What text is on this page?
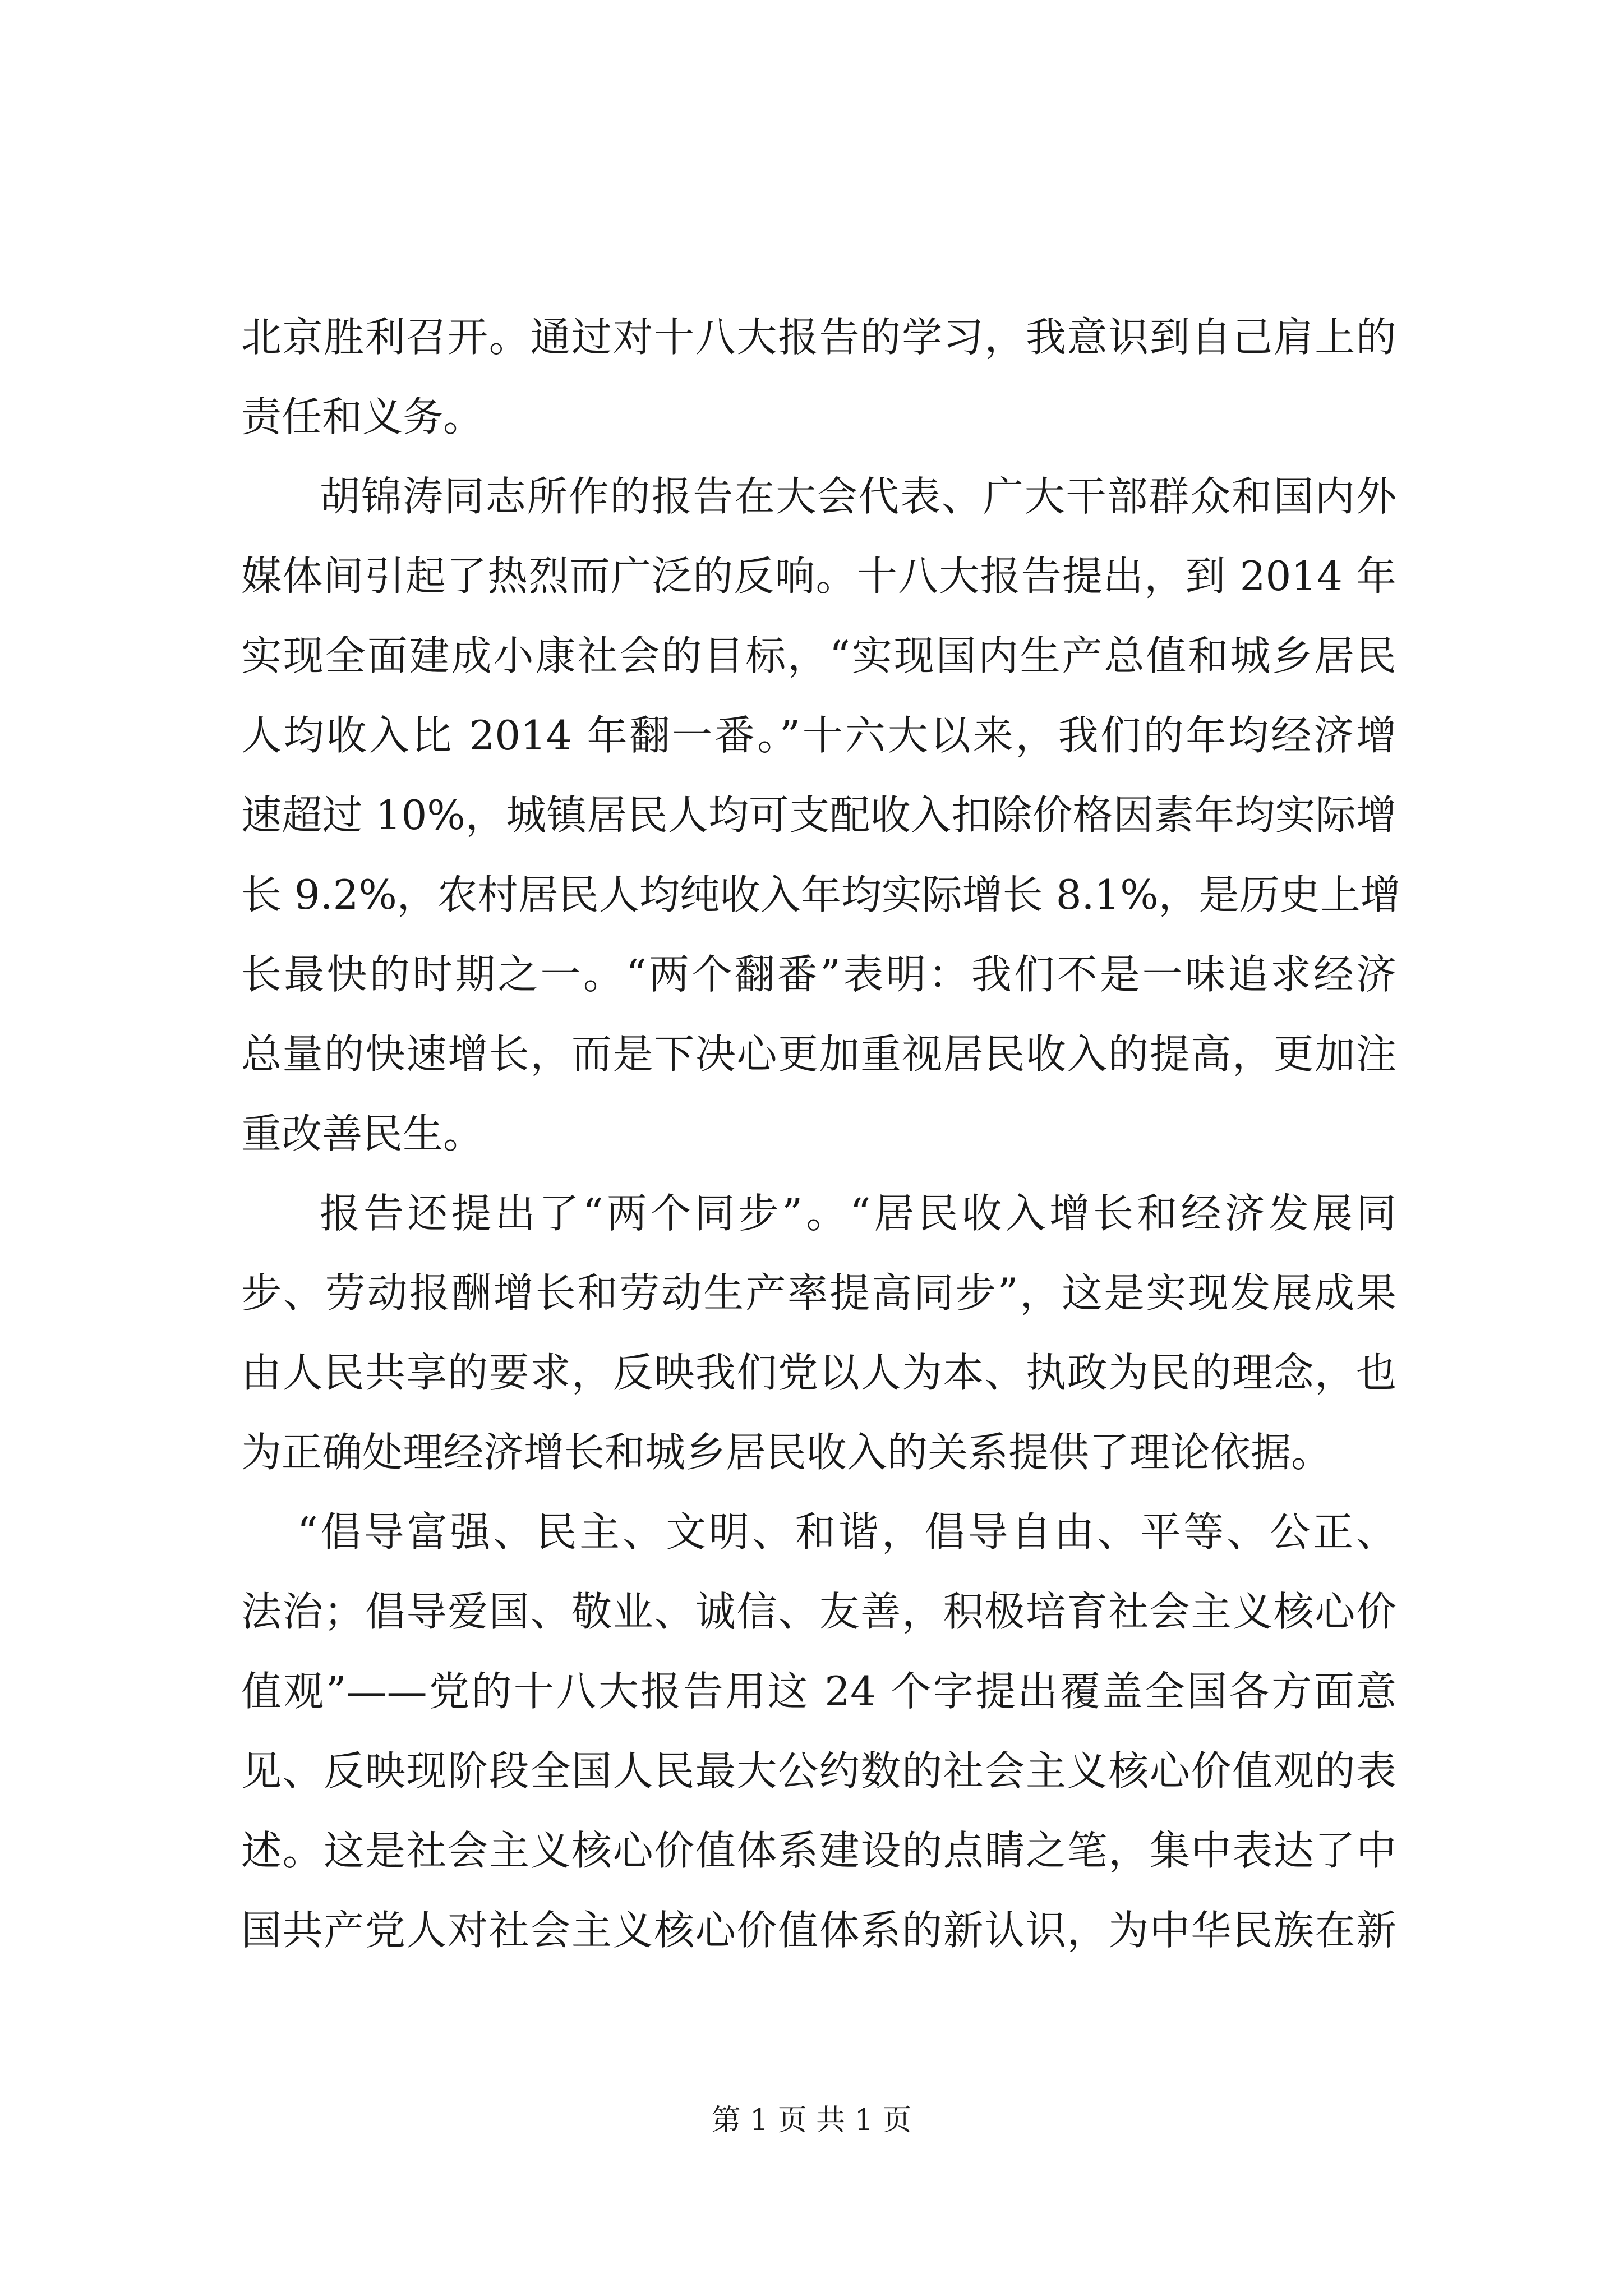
北京胜利召开。通过对十八大报告的学习，我意识到自己肩上的
责任和义务。
胡锦涛同志所作的报告在大会代表、广大干部群众和国内外
媒体间引起了热烈而广泛的反响。十八大报告提出，到 2014 年
实现全面建成小康社会的目标，“实现国内生产总值和城乡居民
人均收入比 2014 年翻一番。”十六大以来，我们的年均经济增
速超过 10%，城镇居民人均可支配收入扣除价格因素年均实际增
长 9.2%，农村居民人均纯收入年均实际增长 8.1%，是历史上增
长最快的时期之一。“两个翻番”表明：我们不是一味追求经济
总量的快速增长，而是下决心更加重视居民收入的提高，更加注
重改善民生。
报告还提出了“两个同步”。“居民收入增长和经济发展同
步、劳动报酬增长和劳动生产率提高同步”，这是实现发展成果
由人民共享的要求，反映我们党以人为本、执政为民的理念，也
为正确处理经济增长和城乡居民收入的关系提供了理论依据。
“倡导富强、民主、文明、和谐，倡导自由、平等、公正、
法治；倡导爱国、敬业、诚信、友善，积极培育社会主义核心价
值观”——党的十八大报告用这 24 个字提出覆盖全国各方面意
见、反映现阶段全国人民最大公约数的社会主义核心价值观的表
述。这是社会主义核心价值体系建设的点睛之笔，集中表达了中
国共产党人对社会主义核心价值体系的新认识，为中华民族在新
第 1 页 共 1 页
